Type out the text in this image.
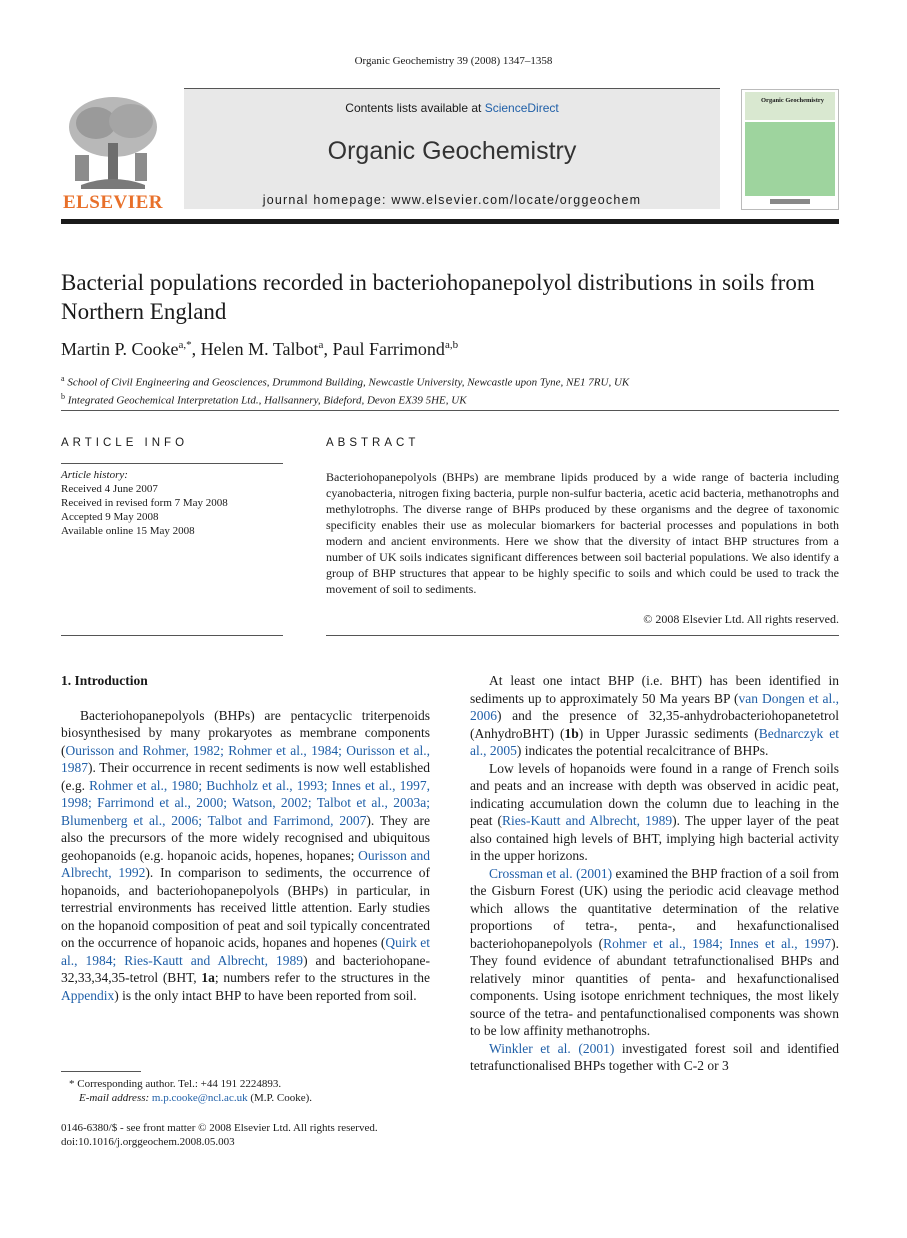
Organic Geochemistry 39 (2008) 1347–1358
ELSEVIER
Contents lists available at ScienceDirect
Organic Geochemistry
journal homepage: www.elsevier.com/locate/orggeochem
Organic Geochemistry
Bacterial populations recorded in bacteriohopanepolyol distributions in soils from Northern England
Martin P. Cooke$^{a,*}$, Helen M. Talbot$^a$, Paul Farrimond$^{a,b}$
$^a$ School of Civil Engineering and Geosciences, Drummond Building, Newcastle University, Newcastle upon Tyne, NE1 7RU, UK
$^b$ Integrated Geochemical Interpretation Ltd., Hallsannery, Bideford, Devon EX39 5HE, UK
ARTICLE INFO
Article history:
Received 4 June 2007
Received in revised form 7 May 2008
Accepted 9 May 2008
Available online 15 May 2008
ABSTRACT
Bacteriohopanepolyols (BHPs) are membrane lipids produced by a wide range of bacteria including cyanobacteria, nitrogen fixing bacteria, purple non-sulfur bacteria, acetic acid bacteria, methanotrophs and methylotrophs. The diverse range of BHPs produced by these organisms and the degree of taxonomic specificity enables their use as molecular biomarkers for bacterial processes and populations in both modern and ancient environments. Here we show that the diversity of intact BHP structures from a number of UK soils indicates significant differences between soil bacterial populations. We also identify a group of BHP structures that appear to be highly specific to soils and which could be used to track the movement of soil to sediments.
© 2008 Elsevier Ltd. All rights reserved.
1. Introduction

Bacteriohopanepolyols (BHPs) are pentacyclic triterpenoids biosynthesised by many prokaryotes as membrane components (Ourisson and Rohmer, 1982; Rohmer et al., 1984; Ourisson et al., 1987). Their occurrence in recent sediments is now well established (e.g. Rohmer et al., 1980; Buchholz et al., 1993; Innes et al., 1997, 1998; Farrimond et al., 2000; Watson, 2002; Talbot et al., 2003a; Blumenberg et al., 2006; Talbot and Farrimond, 2007). They are also the precursors of the more widely recognised and ubiquitous geohopanoids (e.g. hopanoic acids, hopenes, hopanes; Ourisson and Albrecht, 1992). In comparison to sediments, the occurrence of hopanoids, and bacteriohopanepolyols (BHPs) in particular, in terrestrial environments has received little attention. Early studies on the hopanoid composition of peat and soil typically concentrated on the occurrence of hopanoic acids, hopanes and hopenes (Quirk et al., 1984; Ries-Kautt and Albrecht, 1989) and bacteriohopane-32,33,34,35-tetrol (BHT, 1a; numbers refer to the structures in the Appendix) is the only intact BHP to have been reported from soil.

At least one intact BHP (i.e. BHT) has been identified in sediments up to approximately 50 Ma years BP (van Dongen et al., 2006) and the presence of 32,35-anhydrobacteriohopanetetrol (AnhydroBHT) (1b) in Upper Jurassic sediments (Bednarczyk et al., 2005) indicates the potential recalcitrance of BHPs.

Low levels of hopanoids were found in a range of French soils and peats and an increase with depth was observed in acidic peat, indicating accumulation down the column due to leaching in the peat (Ries-Kautt and Albrecht, 1989). The upper layer of the peat also contained high levels of BHT, implying high bacterial activity in the upper horizons.

Crossman et al. (2001) examined the BHP fraction of a soil from the Gisburn Forest (UK) using the periodic acid cleavage method which allows the quantitative determination of the relative proportions of tetra-, penta-, and hexafunctionalised bacteriohopanepolyols (Rohmer et al., 1984; Innes et al., 1997). They found evidence of abundant tetrafunctionalised BHPs and relatively minor quantities of penta- and hexafunctionalised components. Using isotope enrichment techniques, the most likely source of the tetra- and pentafunctionalised components was shown to be low affinity methanotrophs.

Winkler et al. (2001) investigated forest soil and identified tetrafunctionalised BHPs together with C-2 or 3

* Corresponding author. Tel.: +44 191 2224893.
E-mail address: m.p.cooke@ncl.ac.uk (M.P. Cooke).
0146-6380/$ - see front matter © 2008 Elsevier Ltd. All rights reserved.
doi:10.1016/j.orggeochem.2008.05.003
